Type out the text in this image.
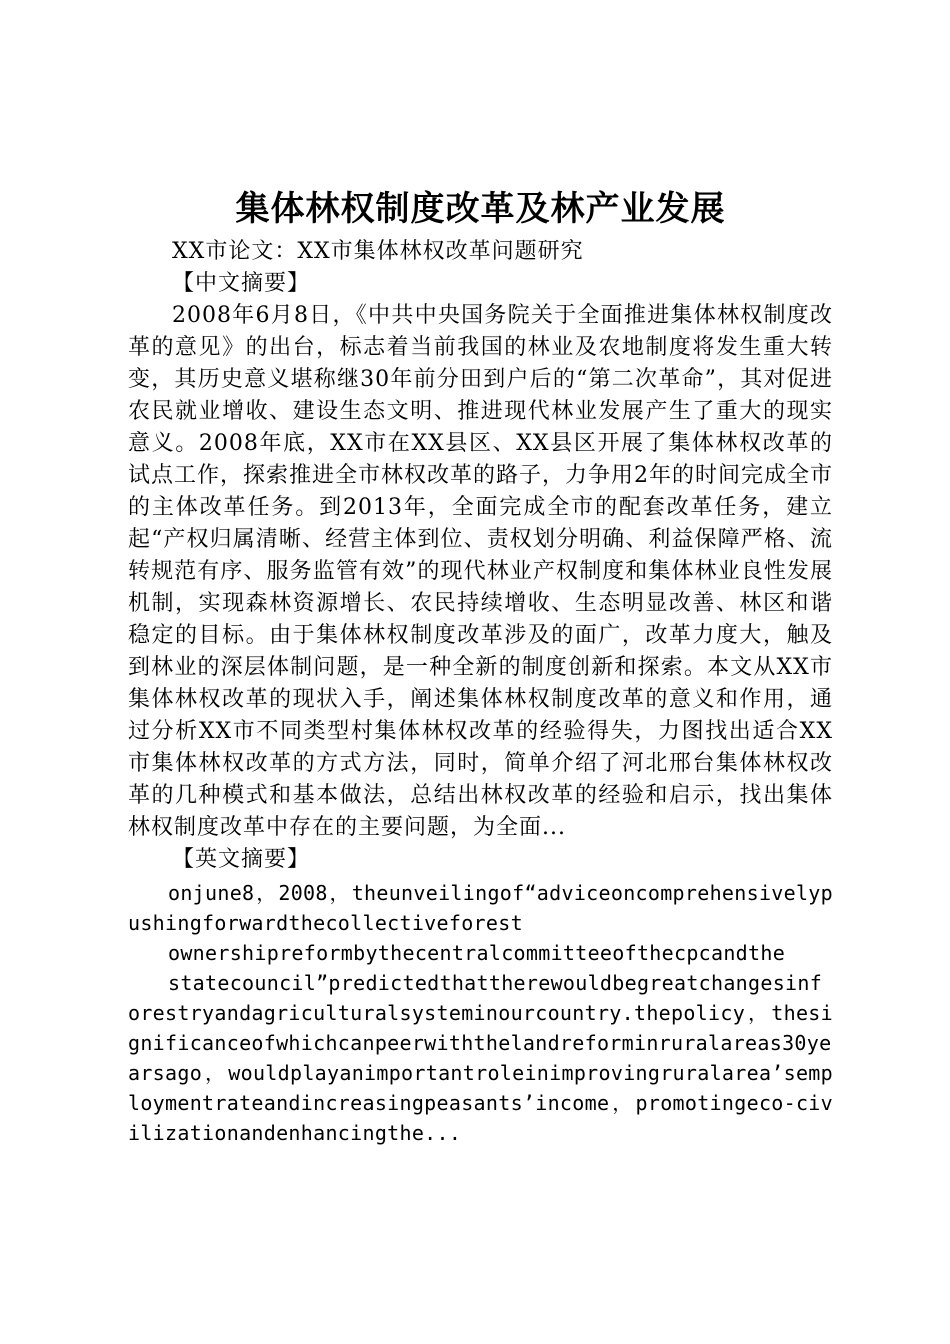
集体林权制度改革及林产业发展

XX市论文：XX市集体林权改革问题研究

【中文摘要】

2008年6月8日，《中共中央国务院关于全面推进集体林权制度改革的意见》的出台，标志着当前我国的林业及农地制度将发生重大转变，其历史意义堪称继30年前分田到户后的“第二次革命”，其对促进农民就业增收、建设生态文明、推进现代林业发展产生了重大的现实意义。2008年底，XX市在XX县区、XX县区开展了集体林权改革的试点工作，探索推进全市林权改革的路子，力争用2年的时间完成全市的主体改革任务。到2013年，全面完成全市的配套改革任务，建立起“产权归属清晰、经营主体到位、责权划分明确、利益保障严格、流转规范有序、服务监管有效”的现代林业产权制度和集体林业良性发展机制，实现森林资源增长、农民持续增收、生态明显改善、林区和谐稳定的目标。由于集体林权制度改革涉及的面广，改革力度大，触及到林业的深层体制问题，是一种全新的制度创新和探索。本文从XX市集体林权改革的现状入手，阐述集体林权制度改革的意义和作用，通过分析XX市不同类型村集体林权改革的经验得失，力图找出适合XX市集体林权改革的方式方法，同时，简单介绍了河北邢台集体林权改革的几种模式和基本做法，总结出林权改革的经验和启示，找出集体林权制度改革中存在的主要问题，为全面...

【英文摘要】

onjune8，2008，theunveilingof“adviceoncomprehensivelypushingforwardthecollectiveforest

ownershipreformbythecentralcommitteeofthecpcandthe

statecouncil”predictedthattherewouldbegreatchangesinforestryandagriculturalsysteminourcountry.thepolicy，thesignificanceofwhichcanpeerwiththelandreforminruralareas30yearsago，wouldplayanimportantroleinimprovingruralarea’semploymentrateandincreasingpeasants’income，promotingeco-civilizationandenhancingthe...
